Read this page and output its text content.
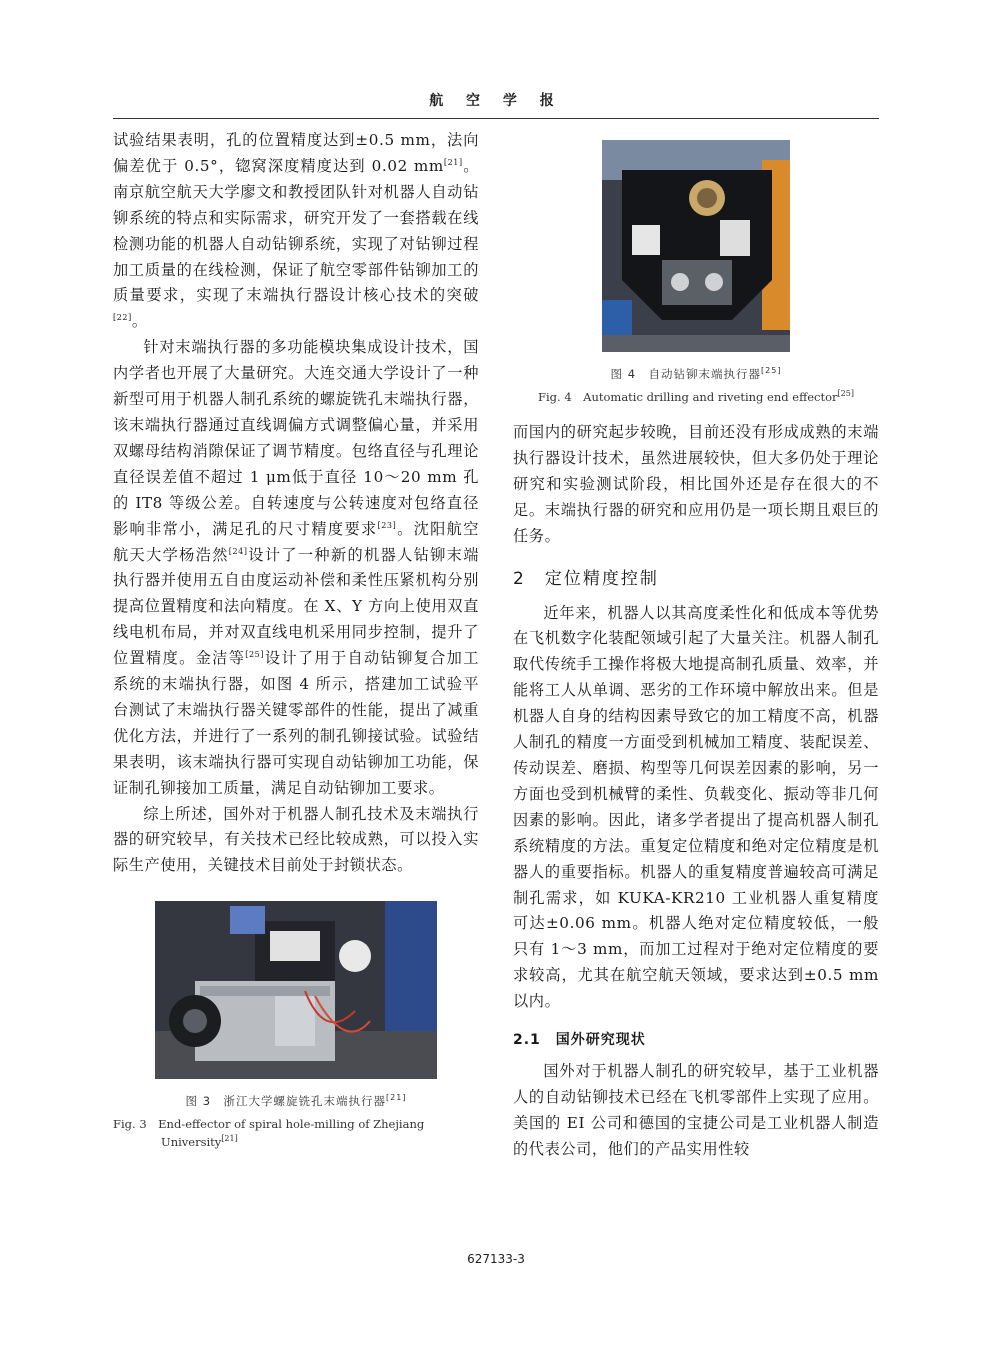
航 空 学 报

试验结果表明，孔的位置精度达到±0.5 mm，法向偏差优于 0.5°，锪窝深度精度达到 0.02 mm[21]。南京航空航天大学廖文和教授团队针对机器人自动钻铆系统的特点和实际需求，研究开发了一套搭载在线检测功能的机器人自动钻铆系统，实现了对钻铆过程加工质量的在线检测，保证了航空零部件钻铆加工的质量要求，实现了末端执行器设计核心技术的突破[22]。

针对末端执行器的多功能模块集成设计技术，国内学者也开展了大量研究。大连交通大学设计了一种新型可用于机器人制孔系统的螺旋铣孔末端执行器，该末端执行器通过直线调偏方式调整偏心量，并采用双螺母结构消隙保证了调节精度。包络直径与孔理论直径误差值不超过 1 μm低于直径 10～20 mm 孔的 IT8 等级公差。自转速度与公转速度对包络直径影响非常小，满足孔的尺寸精度要求[23]。沈阳航空航天大学杨浩然[24]设计了一种新的机器人钻铆末端执行器并使用五自由度运动补偿和柔性压紧机构分别提高位置精度和法向精度。在 X、Y 方向上使用双直线电机布局，并对双直线电机采用同步控制，提升了位置精度。金洁等[25]设计了用于自动钻铆复合加工系统的末端执行器，如图 4 所示，搭建加工试验平台测试了末端执行器关键零部件的性能，提出了减重优化方法，并进行了一系列的制孔铆接试验。试验结果表明，该末端执行器可实现自动钻铆加工功能，保证制孔铆接加工质量，满足自动钻铆加工要求。

综上所述，国外对于机器人制孔技术及末端执行器的研究较早，有关技术已经比较成熟，可以投入实际生产使用，关键技术目前处于封锁状态。

图 3　浙江大学螺旋铣孔末端执行器[21]
Fig. 3　End-effector of spiral hole-milling of Zhejiang University[21]
图 4　自动钻铆末端执行器[25]
Fig. 4　Automatic drilling and riveting end effector[25]

而国内的研究起步较晚，目前还没有形成成熟的末端执行器设计技术，虽然进展较快，但大多仍处于理论研究和实验测试阶段，相比国外还是存在很大的不足。末端执行器的研究和应用仍是一项长期且艰巨的任务。

2　定位精度控制

近年来，机器人以其高度柔性化和低成本等优势在飞机数字化装配领域引起了大量关注。机器人制孔取代传统手工操作将极大地提高制孔质量、效率，并能将工人从单调、恶劣的工作环境中解放出来。但是机器人自身的结构因素导致它的加工精度不高，机器人制孔的精度一方面受到机械加工精度、装配误差、传动误差、磨损、构型等几何误差因素的影响，另一方面也受到机械臂的柔性、负载变化、振动等非几何因素的影响。因此，诸多学者提出了提高机器人制孔系统精度的方法。重复定位精度和绝对定位精度是机器人的重要指标。机器人的重复精度普遍较高可满足制孔需求，如 KUKA-KR210 工业机器人重复精度可达±0.06 mm。机器人绝对定位精度较低，一般只有 1～3 mm，而加工过程对于绝对定位精度的要求较高，尤其在航空航天领域，要求达到±0.5 mm以内。

2.1　国外研究现状

国外对于机器人制孔的研究较早，基于工业机器人的自动钻铆技术已经在飞机零部件上实现了应用。美国的 EI 公司和德国的宝捷公司是工业机器人制造的代表公司，他们的产品实用性较

627133-3
